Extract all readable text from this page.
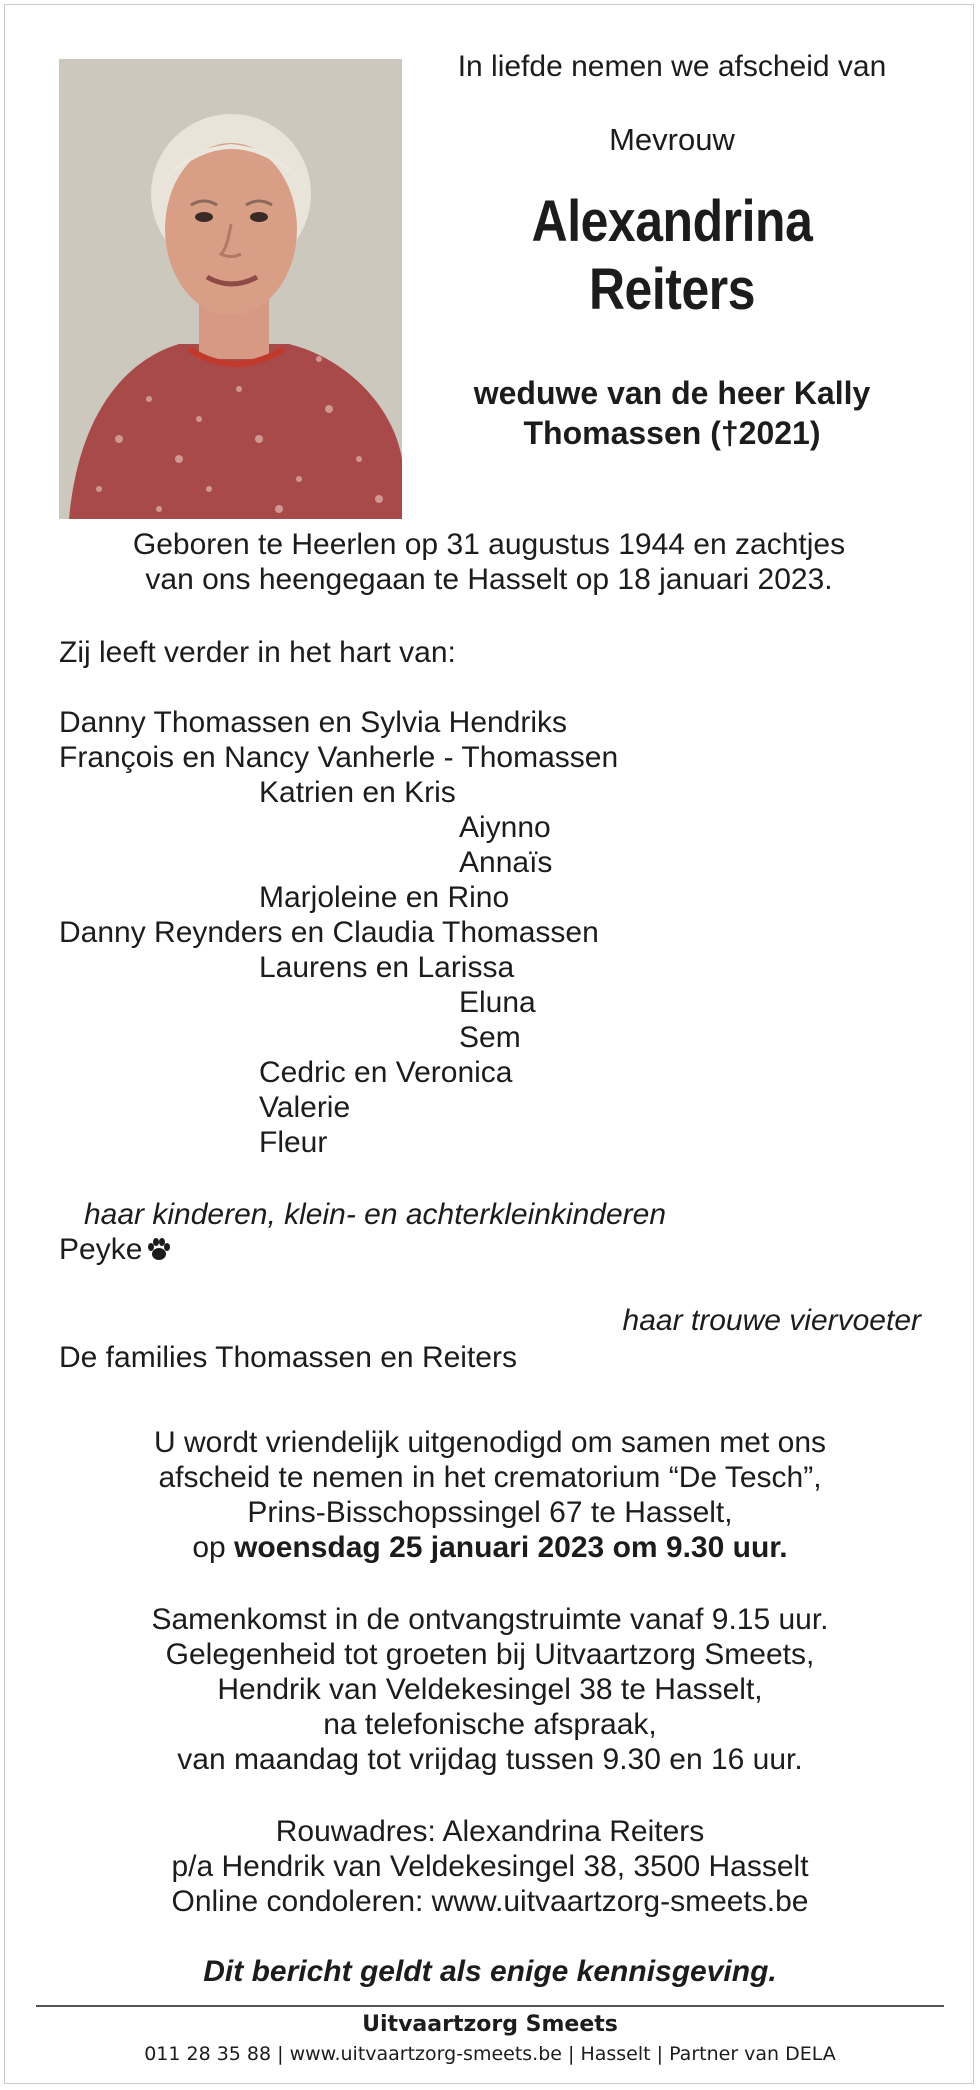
In liefde nemen we afscheid van
Mevrouw
Alexandrina
Reiters
weduwe van de heer Kally
Thomassen (†2021)
Geboren te Heerlen op 31 augustus 1944 en zachtjes
van ons heengegaan te Hasselt op 18 januari 2023.
Zij leeft verder in het hart van:
Danny Thomassen en Sylvia Hendriks
François en Nancy Vanherle - Thomassen
Katrien en Kris
Aiynno
Annaïs
Marjoleine en Rino
Danny Reynders en Claudia Thomassen
Laurens en Larissa
Eluna
Sem
Cedric en Veronica
Valerie
Fleur
haar kinderen, klein- en achterkleinkinderen
Peyke
haar trouwe viervoeter
De families Thomassen en Reiters
U wordt vriendelijk uitgenodigd om samen met ons
afscheid te nemen in het crematorium “De Tesch”,
Prins-Bisschopssingel 67 te Hasselt,
op woensdag 25 januari 2023 om 9.30 uur.
Samenkomst in de ontvangstruimte vanaf 9.15 uur.
Gelegenheid tot groeten bij Uitvaartzorg Smeets,
Hendrik van Veldekesingel 38 te Hasselt,
na telefonische afspraak,
van maandag tot vrijdag tussen 9.30 en 16 uur.
Rouwadres: Alexandrina Reiters
p/a Hendrik van Veldekesingel 38, 3500 Hasselt
Online condoleren: www.uitvaartzorg-smeets.be
Dit bericht geldt als enige kennisgeving.
Uitvaartzorg Smeets
011 28 35 88 | www.uitvaartzorg-smeets.be | Hasselt | Partner van DELA
